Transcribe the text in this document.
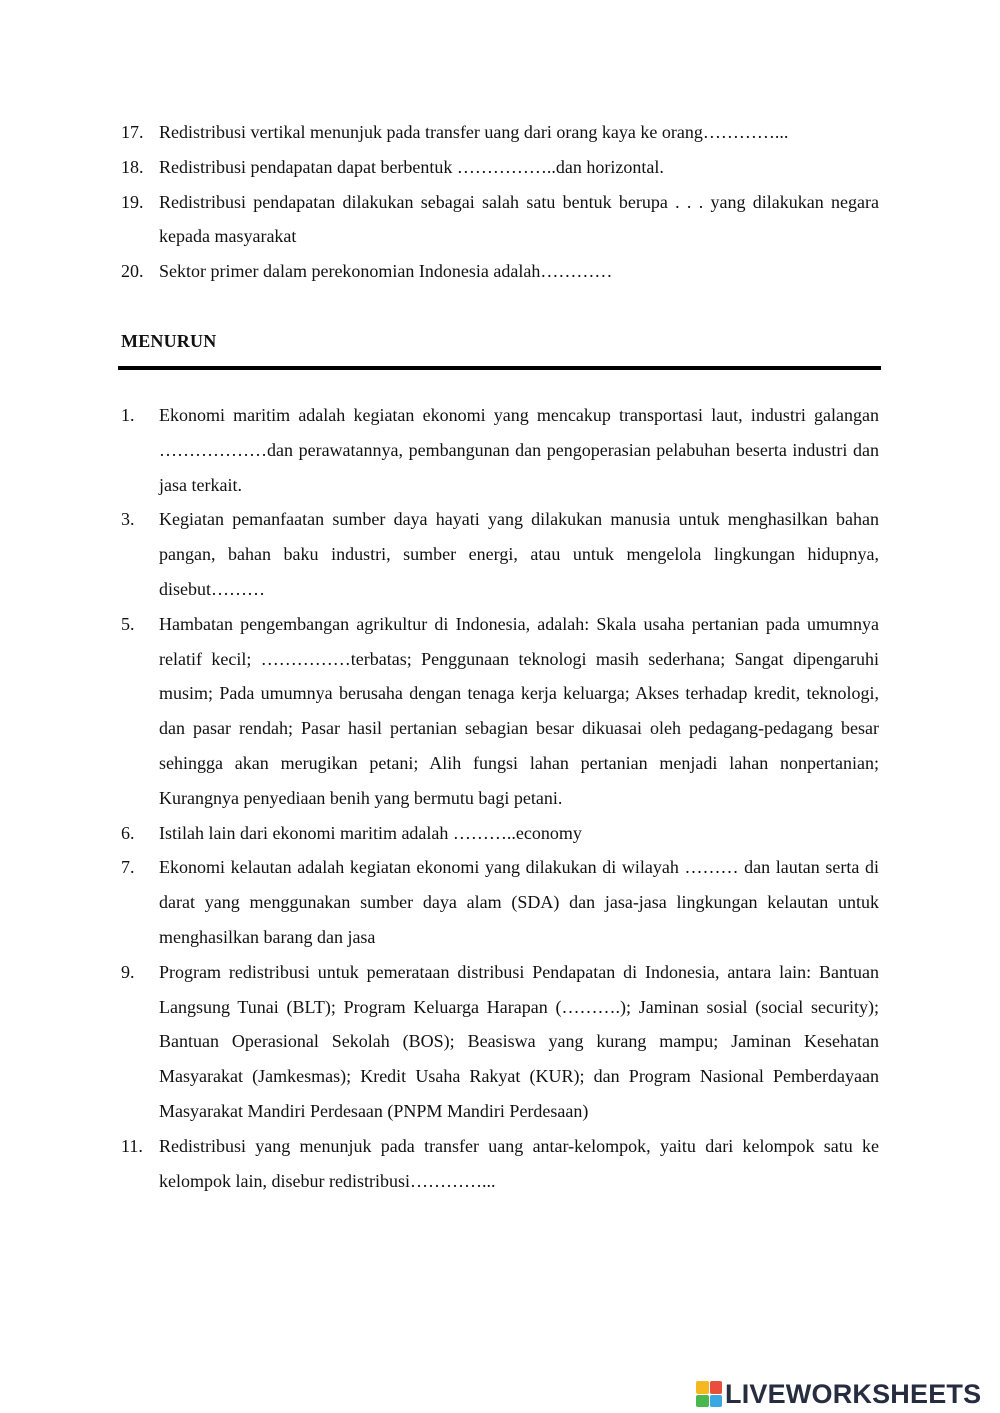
17. Redistribusi vertikal menunjuk pada transfer uang dari orang kaya ke orang…………...
18. Redistribusi pendapatan dapat berbentuk ……………..dan horizontal.
19. Redistribusi pendapatan dilakukan sebagai salah satu bentuk berupa . . . yang dilakukan negara kepada masyarakat
20. Sektor primer dalam perekonomian Indonesia adalah…………
MENURUN
1.	Ekonomi maritim adalah kegiatan ekonomi yang mencakup transportasi laut, industri galangan ………………dan perawatannya, pembangunan dan pengoperasian pelabuhan beserta industri dan jasa terkait.
3.	Kegiatan pemanfaatan sumber daya hayati yang dilakukan manusia untuk menghasilkan bahan pangan, bahan baku industri, sumber energi, atau untuk mengelola lingkungan hidupnya, disebut………
5.	Hambatan pengembangan agrikultur di Indonesia, adalah: Skala usaha pertanian pada umumnya relatif kecil; ……………terbatas; Penggunaan teknologi masih sederhana; Sangat dipengaruhi musim; Pada umumnya berusaha dengan tenaga kerja keluarga; Akses terhadap kredit, teknologi, dan pasar rendah; Pasar hasil pertanian sebagian besar dikuasai oleh pedagang-pedagang besar sehingga akan merugikan petani; Alih fungsi lahan pertanian menjadi lahan nonpertanian; Kurangnya penyediaan benih yang bermutu bagi petani.
6.	Istilah lain dari ekonomi maritim adalah ………..economy
7.	Ekonomi kelautan adalah kegiatan ekonomi yang dilakukan di wilayah ……… dan lautan serta di darat yang menggunakan sumber daya alam (SDA) dan jasa-jasa lingkungan kelautan untuk menghasilkan barang dan jasa
9.	Program redistribusi untuk pemerataan distribusi Pendapatan di Indonesia, antara lain: Bantuan Langsung Tunai (BLT); Program Keluarga Harapan (……….); Jaminan sosial (social security); Bantuan Operasional Sekolah (BOS); Beasiswa yang kurang mampu; Jaminan Kesehatan Masyarakat (Jamkesmas); Kredit Usaha Rakyat (KUR); dan Program Nasional Pemberdayaan Masyarakat Mandiri Perdesaan (PNPM Mandiri Perdesaan)
11. Redistribusi yang menunjuk pada transfer uang antar-kelompok, yaitu dari kelompok satu ke kelompok lain, disebur redistribusi…………...
LIVEWORKSHEETS
